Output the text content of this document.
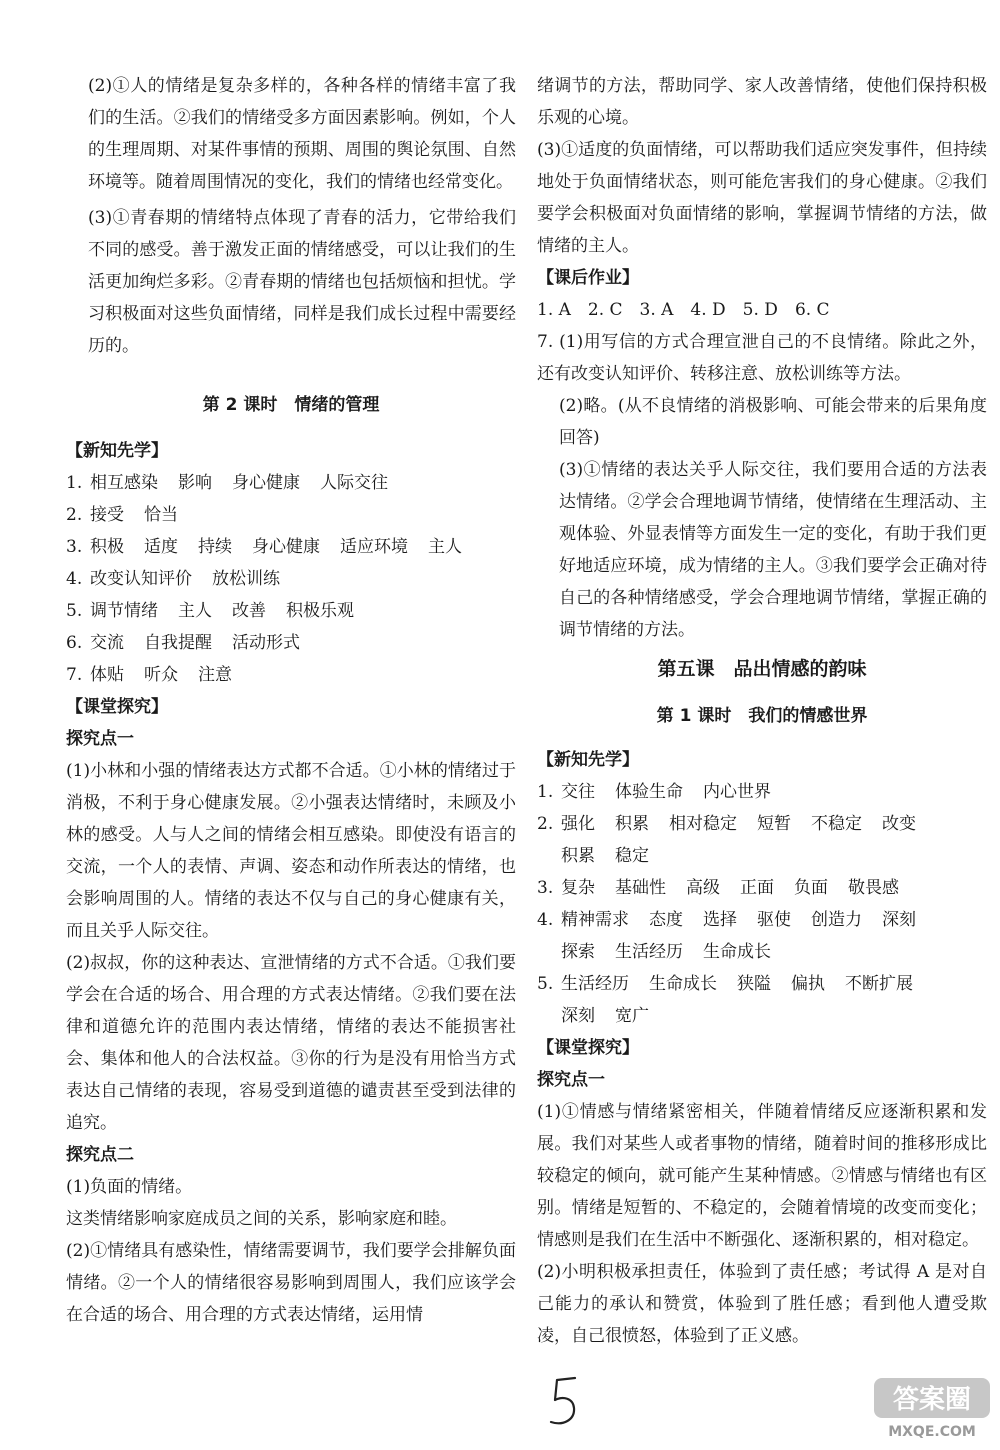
(2)①人的情绪是复杂多样的，各种各样的情绪丰富了我们的生活。②我们的情绪受多方面因素影响。例如，个人的生理周期、对某件事情的预期、周围的舆论氛围、自然环境等。随着周围情况的变化，我们的情绪也经常变化。

(3)①青春期的情绪特点体现了青春的活力，它带给我们不同的感受。善于激发正面的情绪感受，可以让我们的生活更加绚烂多彩。②青春期的情绪也包括烦恼和担忧。学习积极面对这些负面情绪，同样是我们成长过程中需要经历的。

第 2 课时　情绪的管理

【新知先学】

1. 相互感染 影响 身心健康 人际交往

2. 接受 恰当

3. 积极 适度 持续 身心健康 适应环境 主人

4. 改变认知评价 放松训练

5. 调节情绪 主人 改善 积极乐观

6. 交流 自我提醒 活动形式

7. 体贴 听众 注意

【课堂探究】

探究点一

(1)小林和小强的情绪表达方式都不合适。①小林的情绪过于消极，不利于身心健康发展。②小强表达情绪时，未顾及小林的感受。人与人之间的情绪会相互感染。即使没有语言的交流，一个人的表情、声调、姿态和动作所表达的情绪，也会影响周围的人。情绪的表达不仅与自己的身心健康有关，而且关乎人际交往。

(2)叔叔，你的这种表达、宣泄情绪的方式不合适。①我们要学会在合适的场合、用合理的方式表达情绪。②我们要在法律和道德允许的范围内表达情绪，情绪的表达不能损害社会、集体和他人的合法权益。③你的行为是没有用恰当方式表达自己情绪的表现，容易受到道德的谴责甚至受到法律的追究。

探究点二

(1)负面的情绪。

这类情绪影响家庭成员之间的关系，影响家庭和睦。

(2)①情绪具有感染性，情绪需要调节，我们要学会排解负面情绪。②一个人的情绪很容易影响到周围人，我们应该学会在合适的场合、用合理的方式表达情绪，运用情

绪调节的方法，帮助同学、家人改善情绪，使他们保持积极乐观的心境。

(3)①适度的负面情绪，可以帮助我们适应突发事件，但持续地处于负面情绪状态，则可能危害我们的身心健康。②我们要学会积极面对负面情绪的影响，掌握调节情绪的方法，做情绪的主人。

【课后作业】

1. A　2. C　3. A　4. D　5. D　6. C

7. (1)用写信的方式合理宣泄自己的不良情绪。除此之外，还有改变认知评价、转移注意、放松训练等方法。

(2)略。(从不良情绪的消极影响、可能会带来的后果角度回答)

(3)①情绪的表达关乎人际交往，我们要用合适的方法表达情绪。②学会合理地调节情绪，使情绪在生理活动、主观体验、外显表情等方面发生一定的变化，有助于我们更好地适应环境，成为情绪的主人。③我们要学会正确对待自己的各种情绪感受，学会合理地调节情绪，掌握正确的调节情绪的方法。

第五课　品出情感的韵味

第 1 课时　我们的情感世界

【新知先学】

1. 交往 体验生命 内心世界

2. 强化 积累 相对稳定 短暂 不稳定 改变

积累 稳定

3. 复杂 基础性 高级 正面 负面 敬畏感

4. 精神需求 态度 选择 驱使 创造力 深刻

探索 生活经历 生命成长

5. 生活经历 生命成长 狭隘 偏执 不断扩展

深刻 宽广

【课堂探究】

探究点一

(1)①情感与情绪紧密相关，伴随着情绪反应逐渐积累和发展。我们对某些人或者事物的情绪，随着时间的推移形成比较稳定的倾向，就可能产生某种情感。②情感与情绪也有区别。情绪是短暂的、不稳定的，会随着情境的改变而变化；情感则是我们在生活中不断强化、逐渐积累的，相对稳定。

(2)小明积极承担责任，体验到了责任感；考试得 A 是对自己能力的承认和赞赏，体验到了胜任感；看到他人遭受欺凌，自己很愤怒，体验到了正义感。

答案圈
MXQE.COM
